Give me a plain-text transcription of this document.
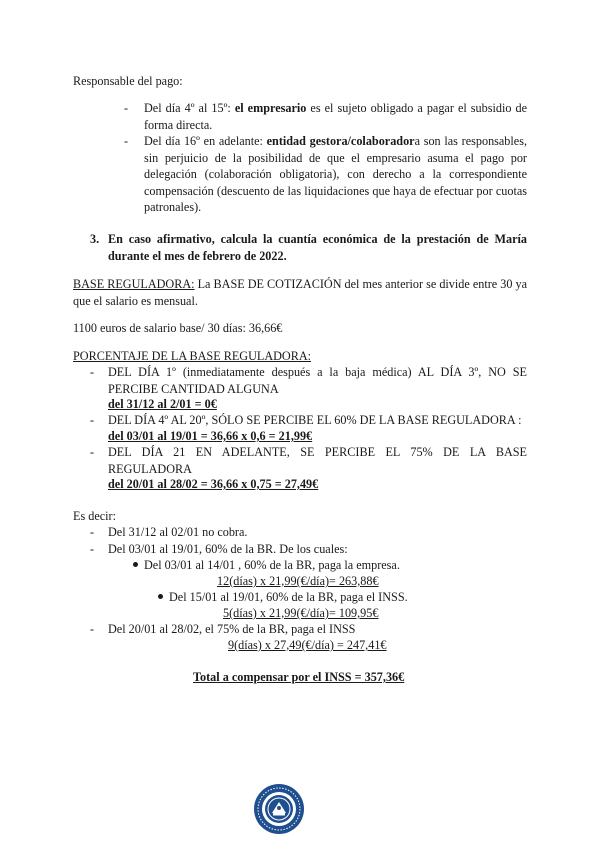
Responsable del pago:
- Del día 4º al 15º: el empresario es el sujeto obligado a pagar el subsidio de forma directa.
- Del día 16º en adelante: entidad gestora/colaboradora son las responsables, sin perjuicio de la posibilidad de que el empresario asuma el pago por delegación (colaboración obligatoria), con derecho a la correspondiente compensación (descuento de las liquidaciones que haya de efectuar por cuotas patronales).
3. En caso afirmativo, calcula la cuantía económica de la prestación de María durante el mes de febrero de 2022.
BASE REGULADORA: La BASE DE COTIZACIÓN del mes anterior se divide entre 30 ya que el salario es mensual.
1100 euros de salario base/ 30 días: 36,66€
PORCENTAJE DE LA BASE REGULADORA:
- DEL DÍA 1º (inmediatamente después a la baja médica) AL DÍA 3º, NO SE PERCIBE CANTIDAD ALGUNA
del 31/12 al 2/01 = 0€
- DEL DÍA 4º AL 20º, SÓLO SE PERCIBE EL 60% DE LA BASE REGULADORA :
del 03/01 al 19/01 = 36,66 x 0,6 = 21,99€
- DEL DÍA 21 EN ADELANTE, SE PERCIBE EL 75% DE LA BASE REGULADORA
del 20/01 al 28/02 = 36,66 x 0,75 = 27,49€
Es decir:
- Del 31/12 al 02/01 no cobra.
- Del 03/01 al 19/01, 60% de la BR. De los cuales:
Del 03/01 al 14/01 , 60% de la BR, paga la empresa.
12(días) x 21,99(€/día)= 263,88€
Del 15/01 al 19/01, 60% de la BR, paga el INSS.
5(días) x 21,99(€/día)= 109,95€
- Del 20/01 al 28/02, el 75% de la BR, paga el INSS
9(días) x 27,49(€/día) = 247,41€
Total a compensar por el INSS = 357,36€
